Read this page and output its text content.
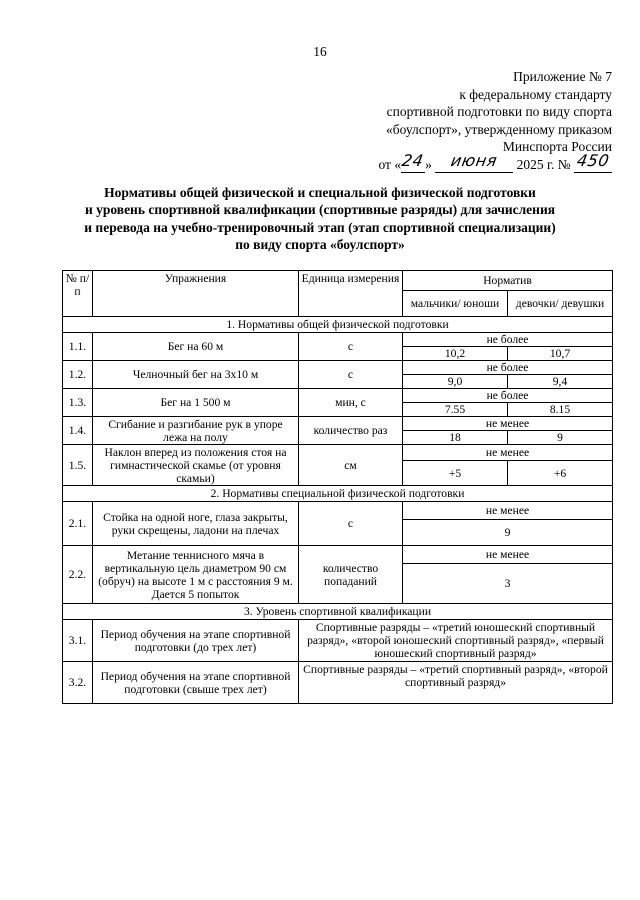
16
Приложение № 7
к федеральному стандарту
спортивной подготовки по виду спорта
«боулспорт», утвержденному приказом
Минспорта России
от «24» июня 2025 г. № 450
Нормативы общей физической и специальной физической подготовки
и уровень спортивной квалификации (спортивные разряды) для зачисления
и перевода на учебно-тренировочный этап (этап спортивной специализации)
по виду спорта «боулспорт»
№ п/п	Упражнения	Единица измерения	Норматив	
			мальчики/ юноши	девочки/ девушки
1. Нормативы общей физической подготовки				
1.1.	Бег на 60 м	с	не более	
			10,2	10,7
1.2.	Челночный бег на 3х10 м	с	не более	
			9,0	9,4
1.3.	Бег на 1 500 м	мин, с	не более	
			7.55	8.15
1.4.	Сгибание и разгибание рук в упоре лежа на полу	количество раз	не менее	
			18	9
1.5.	Наклон вперед из положения стоя на гимнастической скамье (от уровня скамьи)	см	не менее	
			+5	+6
2. Нормативы специальной физической подготовки				
2.1.	Стойка на одной ноге, глаза закрыты, руки скрещены, ладони на плечах	с	не менее	
			9	
2.2.	Метание теннисного мяча в вертикальную цель диаметром 90 см (обруч) на высоте 1 м с расстояния 9 м. Дается 5 попыток	количество попаданий	не менее	
			3	
3. Уровень спортивной квалификации				
3.1.	Период обучения на этапе спортивной подготовки (до трех лет)	Спортивные разряды – «третий юношеский спортивный разряд», «второй юношеский спортивный разряд», «первый юношеский спортивный разряд»		
3.2.	Период обучения на этапе спортивной подготовки (свыше трех лет)	Спортивные разряды – «третий спортивный разряд», «второй спортивный разряд»		
